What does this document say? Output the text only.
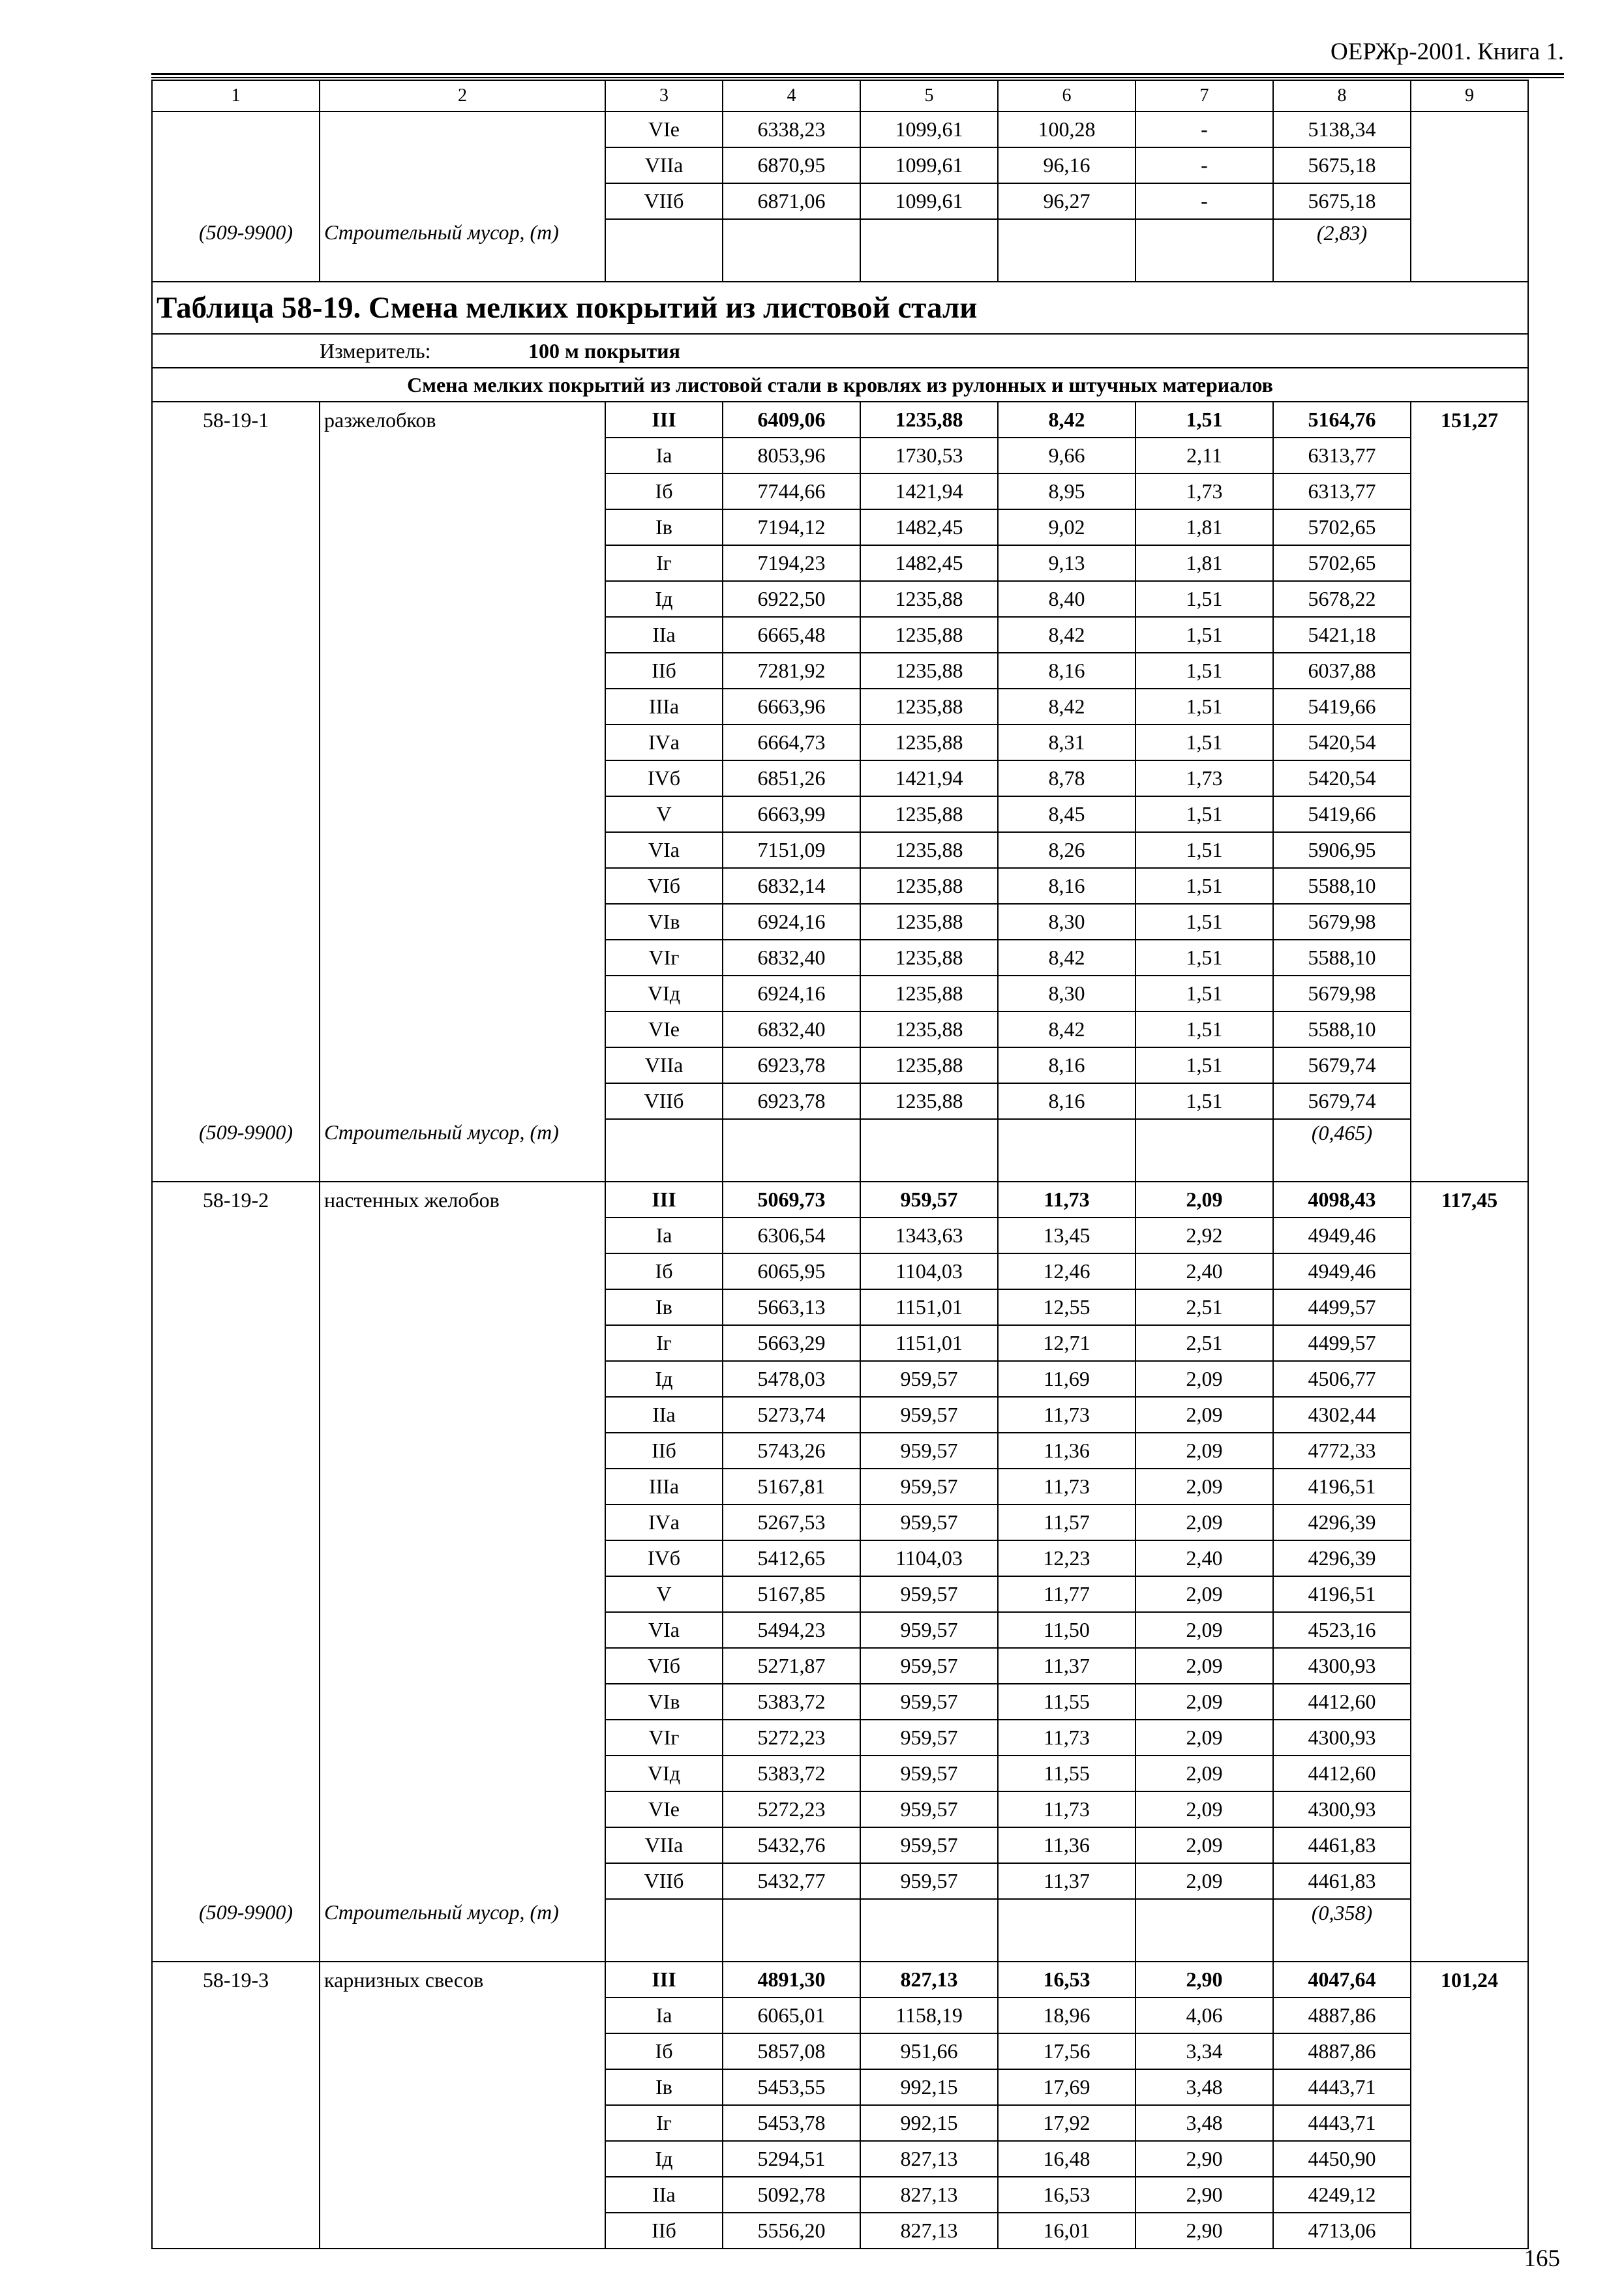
ОЕРЖр-2001. Книга 1.
1	2	3	4	5	6	7	8	9
		VIе	6338,23	1099,61	100,28	-	5138,34	
		VIIа	6870,95	1099,61	96,16	-	5675,18	
		VIIб	6871,06	1099,61	96,27	-	5675,18	
(509-9900)	Строительный мусор, (т)						(2,83)	
Таблица 58-19. Смена мелких покрытий из листовой стали								
Измеритель: 100 м покрытия								
Смена мелких покрытий из листовой стали в кровлях из рулонных и штучных материалов								
58-19-1	разжелобков	III	6409,06	1235,88	8,42	1,51	5164,76	151,27
		Iа	8053,96	1730,53	9,66	2,11	6313,77	
		Iб	7744,66	1421,94	8,95	1,73	6313,77	
		Iв	7194,12	1482,45	9,02	1,81	5702,65	
		Iг	7194,23	1482,45	9,13	1,81	5702,65	
		Iд	6922,50	1235,88	8,40	1,51	5678,22	
		IIа	6665,48	1235,88	8,42	1,51	5421,18	
		IIб	7281,92	1235,88	8,16	1,51	6037,88	
		IIIа	6663,96	1235,88	8,42	1,51	5419,66	
		IVа	6664,73	1235,88	8,31	1,51	5420,54	
		IVб	6851,26	1421,94	8,78	1,73	5420,54	
		V	6663,99	1235,88	8,45	1,51	5419,66	
		VIа	7151,09	1235,88	8,26	1,51	5906,95	
		VIб	6832,14	1235,88	8,16	1,51	5588,10	
		VIв	6924,16	1235,88	8,30	1,51	5679,98	
		VIг	6832,40	1235,88	8,42	1,51	5588,10	
		VIд	6924,16	1235,88	8,30	1,51	5679,98	
		VIе	6832,40	1235,88	8,42	1,51	5588,10	
		VIIа	6923,78	1235,88	8,16	1,51	5679,74	
		VIIб	6923,78	1235,88	8,16	1,51	5679,74	
(509-9900)	Строительный мусор, (т)						(0,465)	
58-19-2	настенных желобов	III	5069,73	959,57	11,73	2,09	4098,43	117,45
		Iа	6306,54	1343,63	13,45	2,92	4949,46	
		Iб	6065,95	1104,03	12,46	2,40	4949,46	
		Iв	5663,13	1151,01	12,55	2,51	4499,57	
		Iг	5663,29	1151,01	12,71	2,51	4499,57	
		Iд	5478,03	959,57	11,69	2,09	4506,77	
		IIа	5273,74	959,57	11,73	2,09	4302,44	
		IIб	5743,26	959,57	11,36	2,09	4772,33	
		IIIа	5167,81	959,57	11,73	2,09	4196,51	
		IVа	5267,53	959,57	11,57	2,09	4296,39	
		IVб	5412,65	1104,03	12,23	2,40	4296,39	
		V	5167,85	959,57	11,77	2,09	4196,51	
		VIа	5494,23	959,57	11,50	2,09	4523,16	
		VIб	5271,87	959,57	11,37	2,09	4300,93	
		VIв	5383,72	959,57	11,55	2,09	4412,60	
		VIг	5272,23	959,57	11,73	2,09	4300,93	
		VIд	5383,72	959,57	11,55	2,09	4412,60	
		VIе	5272,23	959,57	11,73	2,09	4300,93	
		VIIа	5432,76	959,57	11,36	2,09	4461,83	
		VIIб	5432,77	959,57	11,37	2,09	4461,83	
(509-9900)	Строительный мусор, (т)						(0,358)	
58-19-3	карнизных свесов	III	4891,30	827,13	16,53	2,90	4047,64	101,24
		Iа	6065,01	1158,19	18,96	4,06	4887,86	
		Iб	5857,08	951,66	17,56	3,34	4887,86	
		Iв	5453,55	992,15	17,69	3,48	4443,71	
		Iг	5453,78	992,15	17,92	3,48	4443,71	
		Iд	5294,51	827,13	16,48	2,90	4450,90	
		IIа	5092,78	827,13	16,53	2,90	4249,12	
		IIб	5556,20	827,13	16,01	2,90	4713,06	
165
